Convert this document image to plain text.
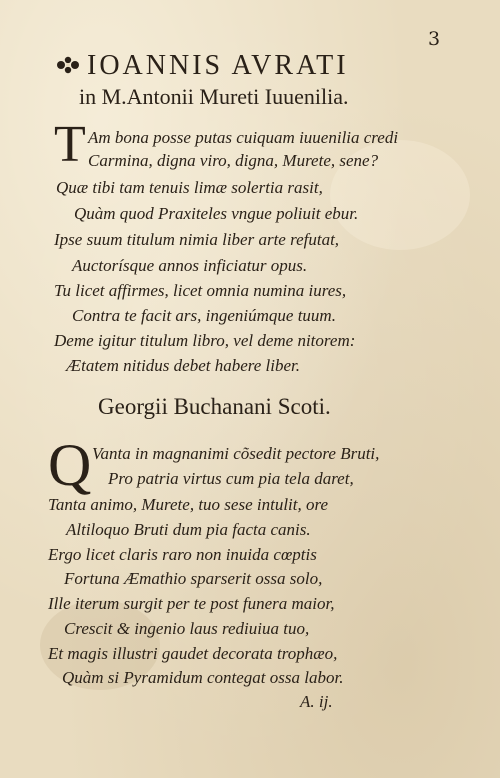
3
IOANNIS AVRATI
in M.Antonii Mureti Iuuenilia.
T Am bona posse putas cuiquam iuuenilia credi
Carmina, digna viro, digna, Murete, sene?
Quæ tibi tam tenuis limæ solertia rasit,
Quàm quod Praxiteles vngue poliuit ebur.
Ipse suum titulum nimia liber arte refutat,
Auctorísque annos inficiatur opus.
Tu licet affirmes, licet omnia numina iures,
Contra te facit ars, ingeniúmque tuum.
Deme igitur titulum libro, vel deme nitorem:
Ætatem nitidus debet habere liber.
Georgii Buchanani Scoti.
Q Vanta in magnanimi cõsedit pectore Bruti,
Pro patria virtus cum pia tela daret,
Tanta animo, Murete, tuo sese intulit, ore
Altiloquo Bruti dum pia facta canis.
Ergo licet claris raro non inuida cœptis
Fortuna Æmathio sparserit ossa solo,
Ille iterum surgit per te post funera maior,
Crescit & ingenio laus rediuiua tuo,
Et magis illustri gaudet decorata trophæo,
Quàm si Pyramidum contegat ossa labor.
A. ij.
